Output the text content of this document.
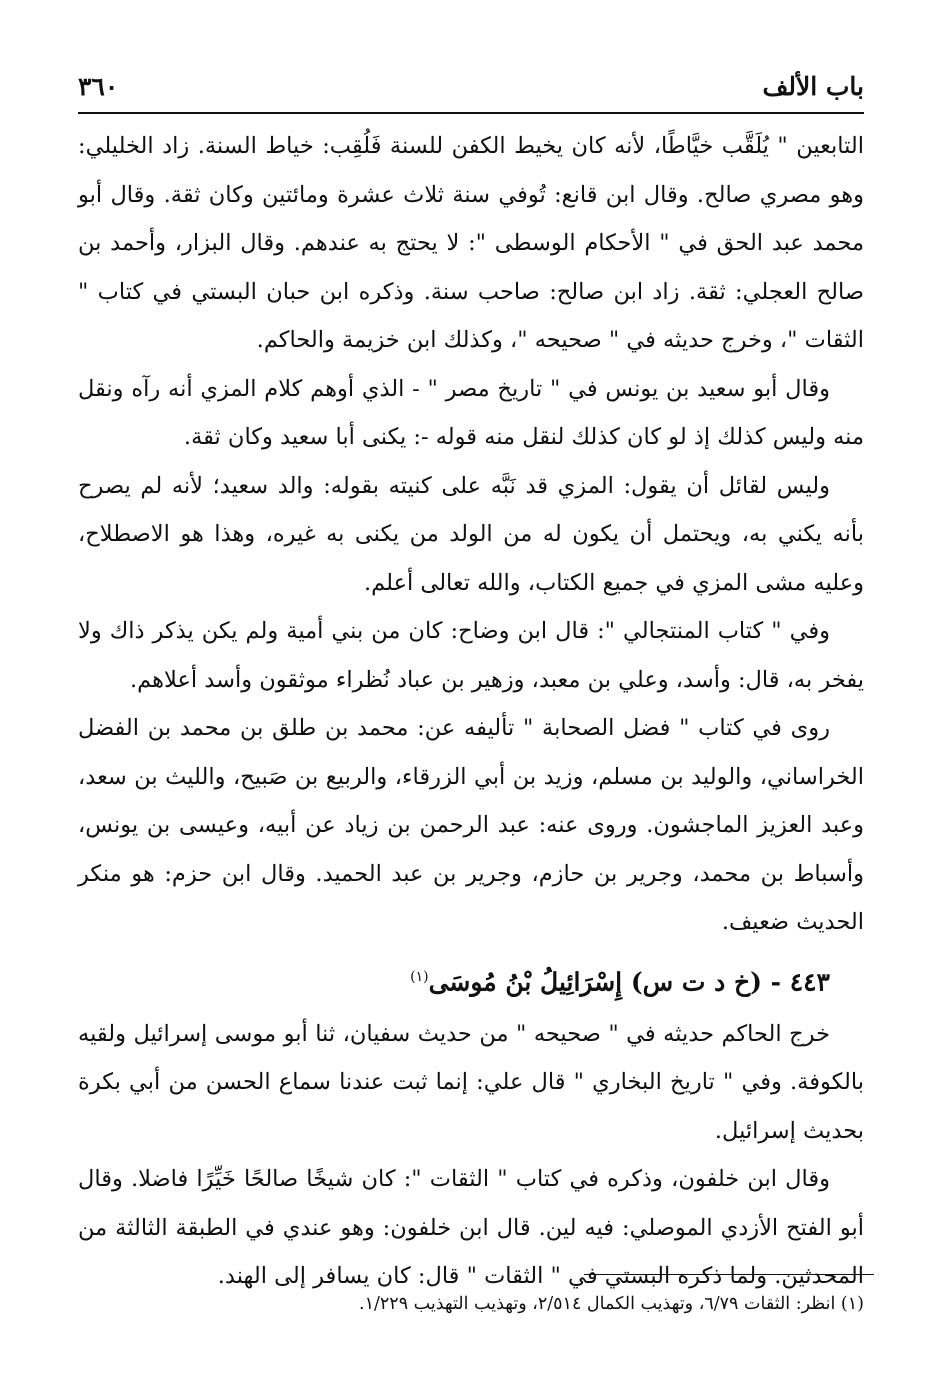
باب الألف
٣٦٠

التابعين " يُلَقَّب خيَّاطًا، لأنه كان يخيط الكفن للسنة فَلُقِب: خياط السنة. زاد الخليلي: وهو مصري صالح. وقال ابن قانع: تُوفي سنة ثلاث عشرة ومائتين وكان ثقة. وقال أبو محمد عبد الحق في " الأحكام الوسطى ": لا يحتج به عندهم. وقال البزار، وأحمد بن صالح العجلي: ثقة. زاد ابن صالح: صاحب سنة. وذكره ابن حبان البستي في كتاب " الثقات "، وخرج حديثه في " صحيحه "، وكذلك ابن خزيمة والحاكم.

وقال أبو سعيد بن يونس في " تاريخ مصر " - الذي أوهم كلام المزي أنه رآه ونقل منه وليس كذلك إذ لو كان كذلك لنقل منه قوله -: يكنى أبا سعيد وكان ثقة.

وليس لقائل أن يقول: المزي قد نَبَّه على كنيته بقوله: والد سعيد؛ لأنه لم يصرح بأنه يكني به، ويحتمل أن يكون له من الولد من يكنى به غيره، وهذا هو الاصطلاح، وعليه مشى المزي في جميع الكتاب، والله تعالى أعلم.

وفي " كتاب المنتجالي ": قال ابن وضاح: كان من بني أمية ولم يكن يذكر ذاك ولا يفخر به، قال: وأسد، وعلي بن معبد، وزهير بن عباد نُظراء موثقون وأسد أعلاهم.

روى في كتاب " فضل الصحابة " تأليفه عن: محمد بن طلق بن محمد بن الفضل الخراساني، والوليد بن مسلم، وزيد بن أبي الزرقاء، والربيع بن صَبيح، والليث بن سعد، وعبد العزيز الماجشون. وروى عنه: عبد الرحمن بن زياد عن أبيه، وعيسى بن يونس، وأسباط بن محمد، وجرير بن حازم، وجرير بن عبد الحميد. وقال ابن حزم: هو منكر الحديث ضعيف.

٤٤٣ - (خ د ت س) إِسْرَائِيلُ بْنُ مُوسَى$^{(١)}$

خرج الحاكم حديثه في " صحيحه " من حديث سفيان، ثنا أبو موسى إسرائيل ولقيه بالكوفة. وفي " تاريخ البخاري " قال علي: إنما ثبت عندنا سماع الحسن من أبي بكرة بحديث إسرائيل.

وقال ابن خلفون، وذكره في كتاب " الثقات ": كان شيخًا صالحًا خَيِّرًا فاضلا. وقال أبو الفتح الأزدي الموصلي: فيه لين. قال ابن خلفون: وهو عندي في الطبقة الثالثة من المحدثين. ولما ذكره البستي في " الثقات " قال: كان يسافر إلى الهند.

(١) انظر: الثقات ٦/٧٩، وتهذيب الكمال ٢/٥١٤، وتهذيب التهذيب ١/٢٢٩.
